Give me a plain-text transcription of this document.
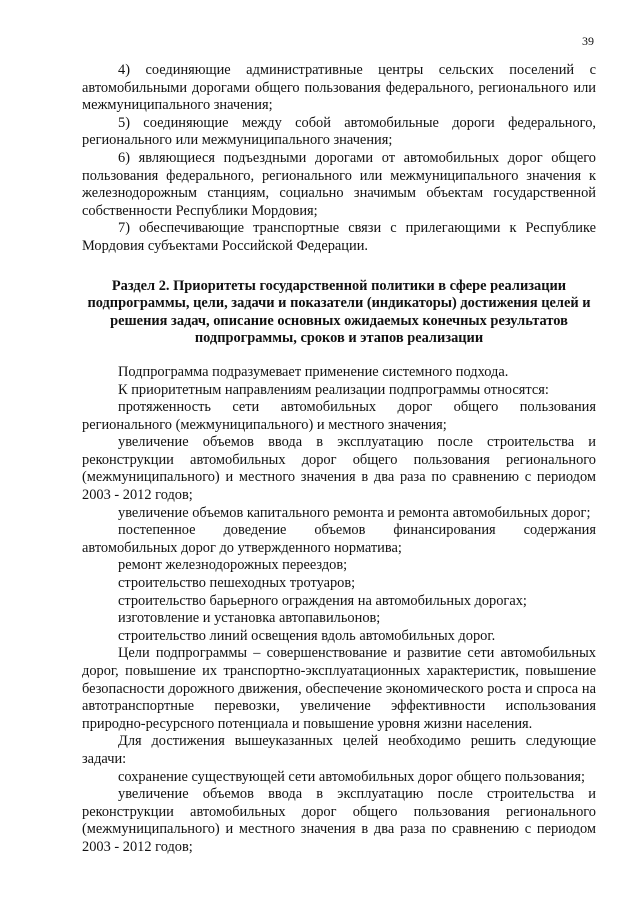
39

4) соединяющие административные центры сельских поселений с автомобильными дорогами общего пользования федерального, регионального или межмуниципального значения;

5) соединяющие между собой автомобильные дороги федерального, регионального или межмуниципального значения;

6) являющиеся подъездными дорогами от автомобильных дорог общего пользования федерального, регионального или межмуниципального значения к железнодорожным станциям, социально значимым объектам государственной собственности Республики Мордовия;

7) обеспечивающие транспортные связи с прилегающими к Республике Мордовия субъектами Российской Федерации.

Раздел 2. Приоритеты государственной политики в сфере реализации подпрограммы, цели, задачи и показатели (индикаторы) достижения целей и решения задач, описание основных ожидаемых конечных результатов подпрограммы, сроков и этапов реализации

Подпрограмма подразумевает применение системного подхода.

К приоритетным направлениям реализации подпрограммы относятся:

протяженность сети автомобильных дорог общего пользования регионального (межмуниципального) и местного значения;

увеличение объемов ввода в эксплуатацию после строительства и реконструкции автомобильных дорог общего пользования регионального (межмуниципального) и местного значения в два раза по сравнению с периодом 2003 - 2012 годов;

увеличение объемов капитального ремонта и ремонта автомобильных дорог;

постепенное доведение объемов финансирования содержания автомобильных дорог до утвержденного норматива;

ремонт железнодорожных переездов;

строительство пешеходных тротуаров;

строительство барьерного ограждения на автомобильных дорогах;

изготовление и установка автопавильонов;

строительство линий освещения вдоль автомобильных дорог.

Цели подпрограммы – совершенствование и развитие сети автомобильных дорог, повышение их транспортно-эксплуатационных характеристик, повышение безопасности дорожного движения, обеспечение экономического роста и спроса на автотранспортные перевозки, увеличение эффективности использования природно-ресурсного потенциала и повышение уровня жизни населения.

Для достижения вышеуказанных целей необходимо решить следующие задачи:

сохранение существующей сети автомобильных дорог общего пользования;

увеличение объемов ввода в эксплуатацию после строительства и реконструкции автомобильных дорог общего пользования регионального (межмуниципального) и местного значения в два раза по сравнению с периодом 2003 - 2012 годов;
